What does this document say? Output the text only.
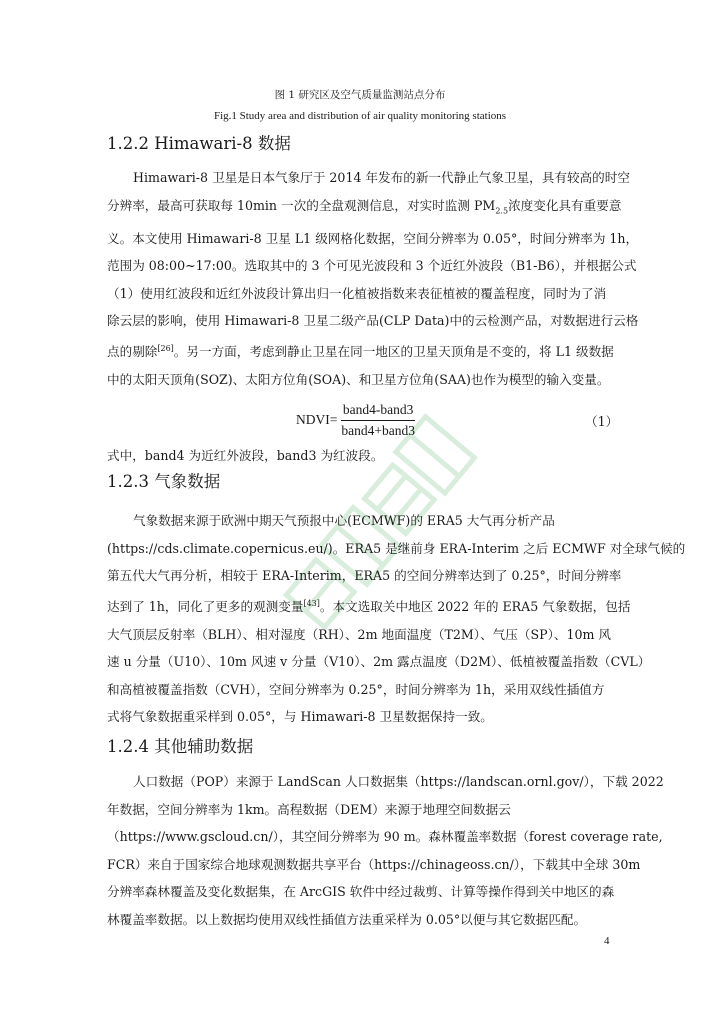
图 1 研究区及空气质量监测站点分布
Fig.1 Study area and distribution of air quality monitoring stations
1.2.2 Himawari-8 数据
Himawari-8 卫星是日本气象厅于 2014 年发布的新一代静止气象卫星，具有较高的时空
分辨率，最高可获取每 10min 一次的全盘观测信息，对实时监测 $PM_{2.5}$浓度变化具有重要意
义。本文使用 Himawari-8 卫星 L1 级网格化数据，空间分辨率为 0.05°，时间分辨率为 1h，
范围为 08:00~17:00。选取其中的 3 个可见光波段和 3 个近红外波段（B1-B6），并根据公式
（1）使用红波段和近红外波段计算出归一化植被指数来表征植被的覆盖程度，同时为了消
除云层的影响，使用 Himawari-8 卫星二级产品(CLP Data)中的云检测产品，对数据进行云格
点的剔除[26]。另一方面，考虑到静止卫星在同一地区的卫星天顶角是不变的，将 L1 级数据
中的太阳天顶角(SOZ)、太阳方位角(SOA)、和卫星方位角(SAA)也作为模型的输入变量。
NDVI= $\frac{\text{band4-band3}}{\text{band4+band3}}$	（1）
式中，band4 为近红外波段，band3 为红波段。
1.2.3 气象数据
气象数据来源于欧洲中期天气预报中心(ECMWF)的 ERA5 大气再分析产品
(https://cds.climate.copernicus.eu/)。ERA5 是继前身 ERA-Interim 之后 ECMWF 对全球气候的
第五代大气再分析，相较于 ERA-Interim，ERA5 的空间分辨率达到了 0.25°，时间分辨率
达到了 1h，同化了更多的观测变量[43]。本文选取关中地区 2022 年的 ERA5 气象数据，包括
大气顶层反射率（BLH）、相对湿度（RH）、2m 地面温度（T2M）、气压（SP）、10m 风
速 u 分量（U10）、10m 风速 v 分量（V10）、2m 露点温度（D2M）、低植被覆盖指数（CVL）
和高植被覆盖指数（CVH），空间分辨率为 0.25°，时间分辨率为 1h，采用双线性插值方
式将气象数据重采样到 0.05°，与 Himawari-8 卫星数据保持一致。
1.2.4 其他辅助数据
人口数据（POP）来源于 LandScan 人口数据集（https://landscan.ornl.gov/），下载 2022
年数据，空间分辨率为 1km。高程数据（DEM）来源于地理空间数据云
（https://www.gscloud.cn/），其空间分辨率为 90 m。森林覆盖率数据（forest coverage rate,
FCR）来自于国家综合地球观测数据共享平台（https://chinageoss.cn/），下载其中全球 30m
分辨率森林覆盖及变化数据集，在 ArcGIS 软件中经过裁剪、计算等操作得到关中地区的森
林覆盖率数据。以上数据均使用双线性插值方法重采样为 0.05°以便与其它数据匹配。
4
